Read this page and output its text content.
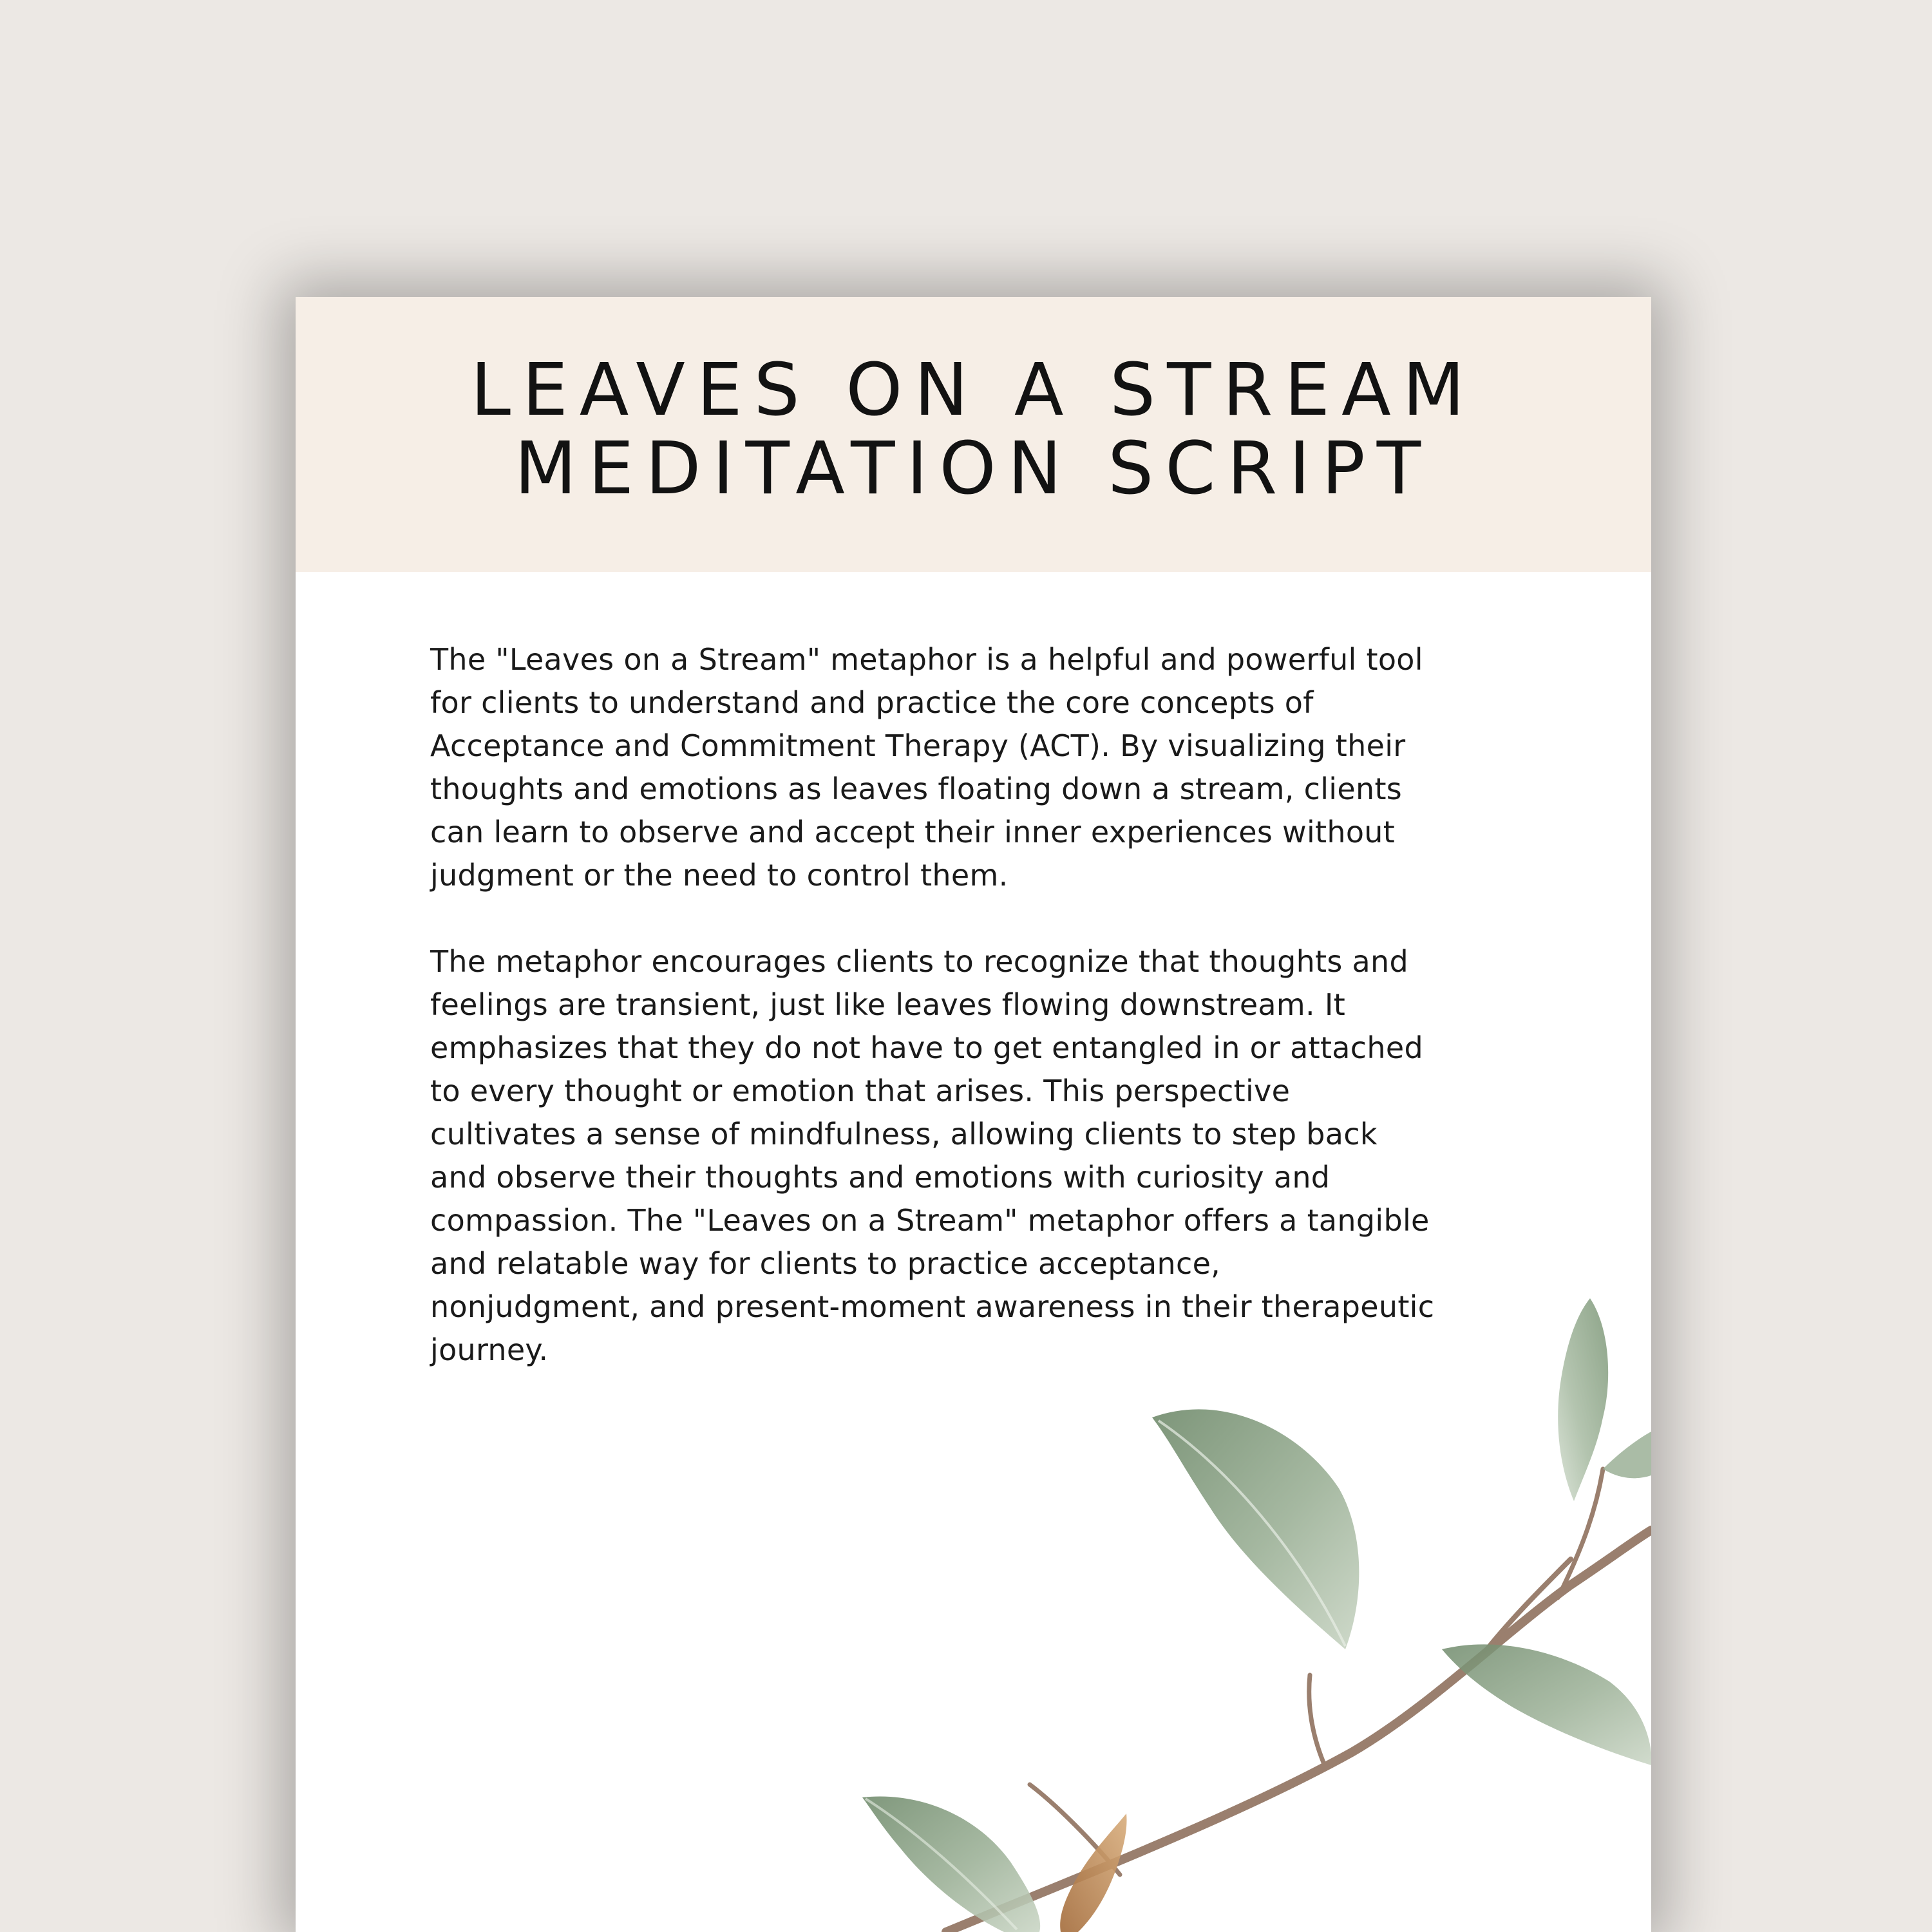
LEAVES ON A STREAM
MEDITATION SCRIPT

The "Leaves on a Stream" metaphor is a helpful and powerful tool
for clients to understand and practice the core concepts of
Acceptance and Commitment Therapy (ACT). By visualizing their
thoughts and emotions as leaves floating down a stream, clients
can learn to observe and accept their inner experiences without
judgment or the need to control them.

The metaphor encourages clients to recognize that thoughts and
feelings are transient, just like leaves flowing downstream. It
emphasizes that they do not have to get entangled in or attached
to every thought or emotion that arises. This perspective
cultivates a sense of mindfulness, allowing clients to step back
and observe their thoughts and emotions with curiosity and
compassion. The "Leaves on a Stream" metaphor offers a tangible
and relatable way for clients to practice acceptance,
nonjudgment, and present-moment awareness in their therapeutic
journey.
